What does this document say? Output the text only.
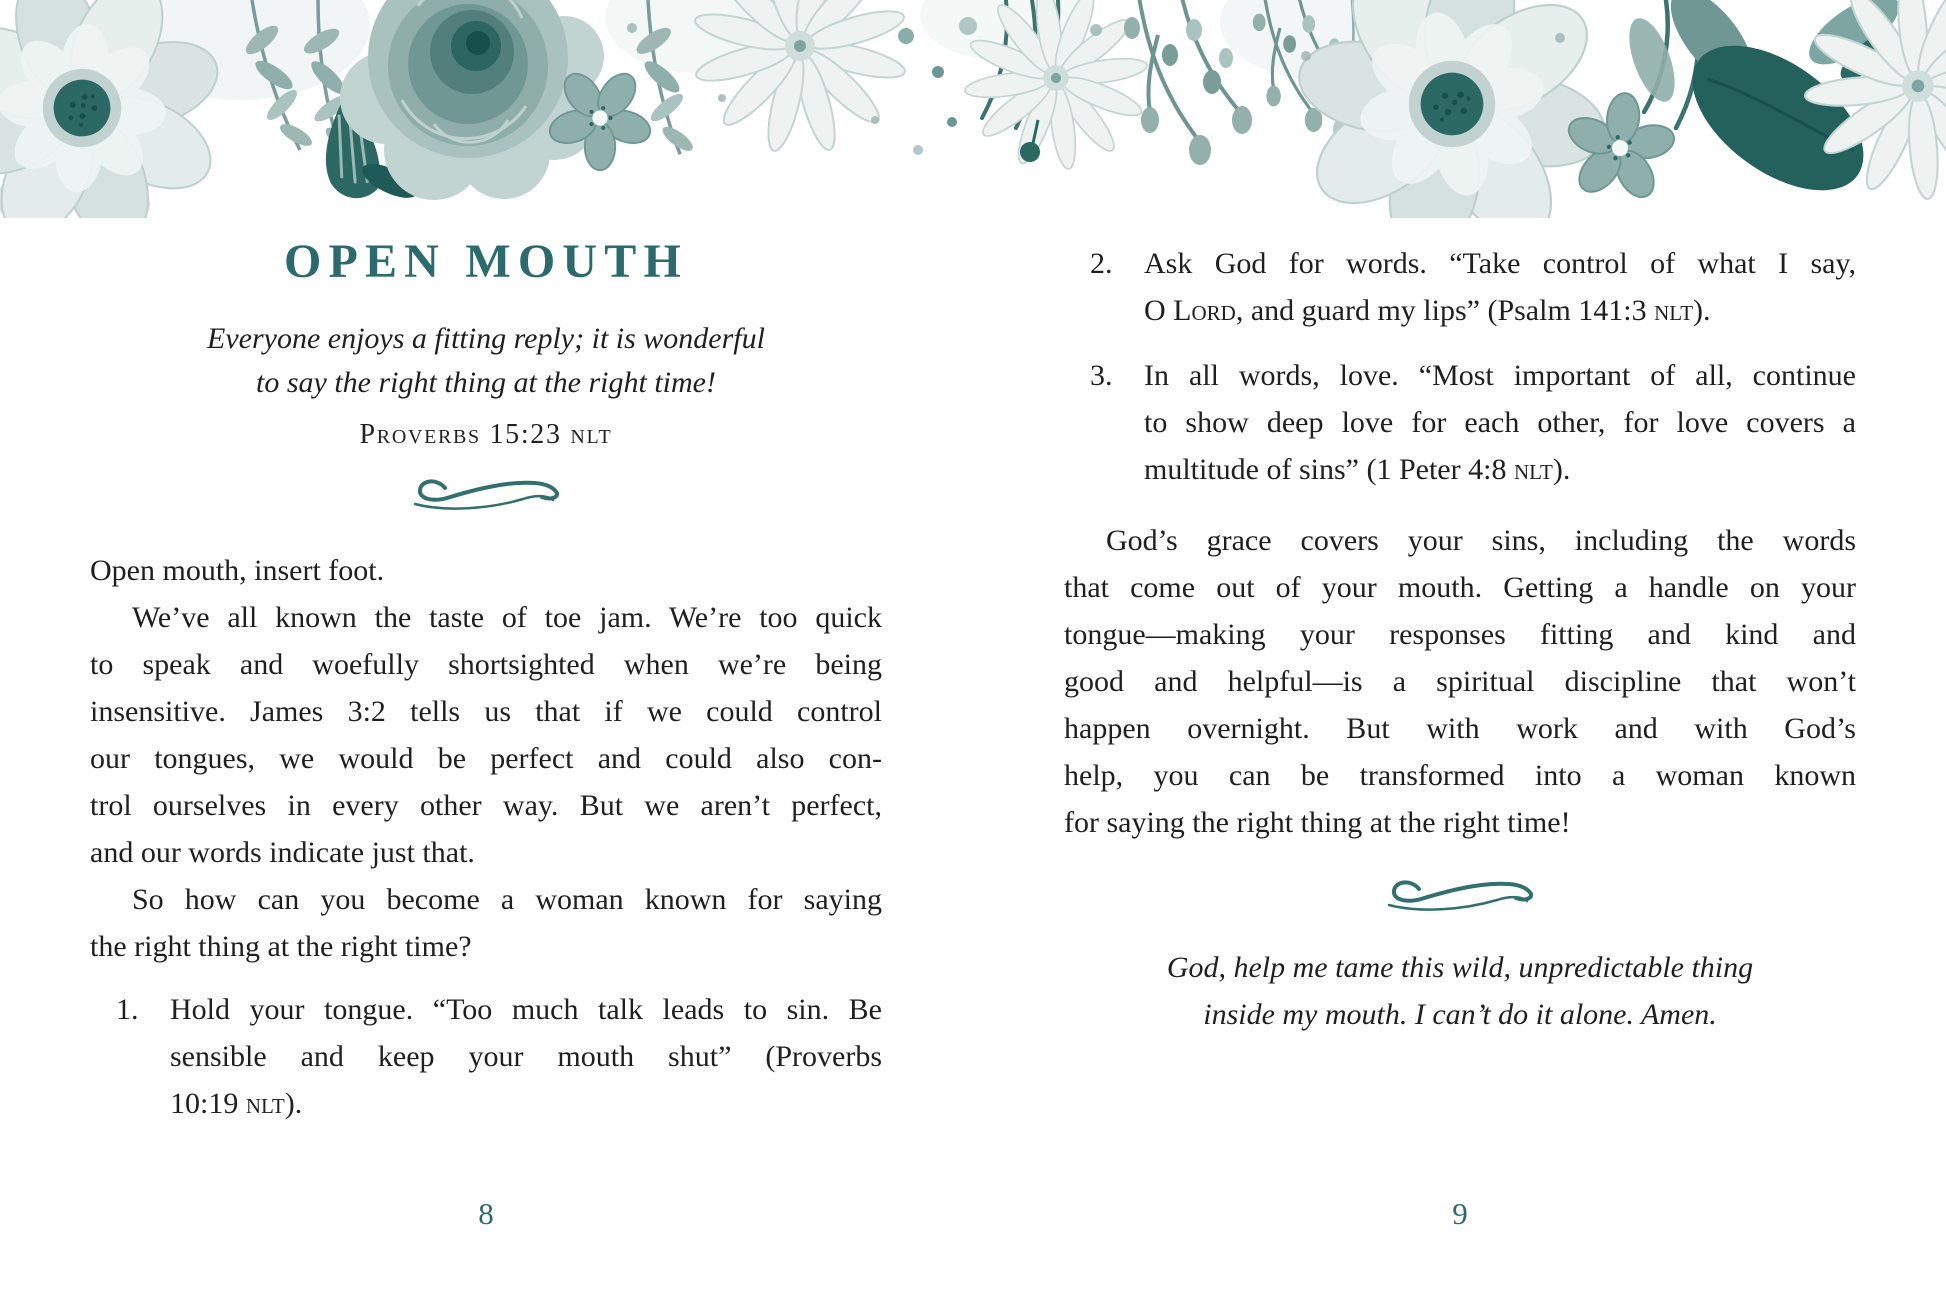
OPEN MOUTH
Everyone enjoys a fitting reply; it is wonderful
to say the right thing at the right time!
Proverbs 15:23 nlt
Open mouth, insert foot.
We’ve all known the taste of toe jam. We’re too quick
to speak and woefully shortsighted when we’re being
insensitive. James 3:2 tells us that if we could control
our tongues, we would be perfect and could also con-
trol ourselves in every other way. But we aren’t perfect,
and our words indicate just that.
So how can you become a woman known for saying
the right thing at the right time?
1.	Hold your tongue. “Too much talk leads to sin. Be
sensible and keep your mouth shut” (Proverbs
10:19 nlt).
2.	Ask God for words. “Take control of what I say,
O Lord, and guard my lips” (Psalm 141:3 nlt).
3.	In all words, love. “Most important of all, continue
to show deep love for each other, for love covers a
multitude of sins” (1 Peter 4:8 nlt).
God’s grace covers your sins, including the words
that come out of your mouth. Getting a handle on your
tongue—making your responses fitting and kind and
good and helpful—is a spiritual discipline that won’t
happen overnight. But with work and with God’s
help, you can be transformed into a woman known
for saying the right thing at the right time!
God, help me tame this wild, unpredictable thing
inside my mouth. I can’t do it alone. Amen.
8	9
